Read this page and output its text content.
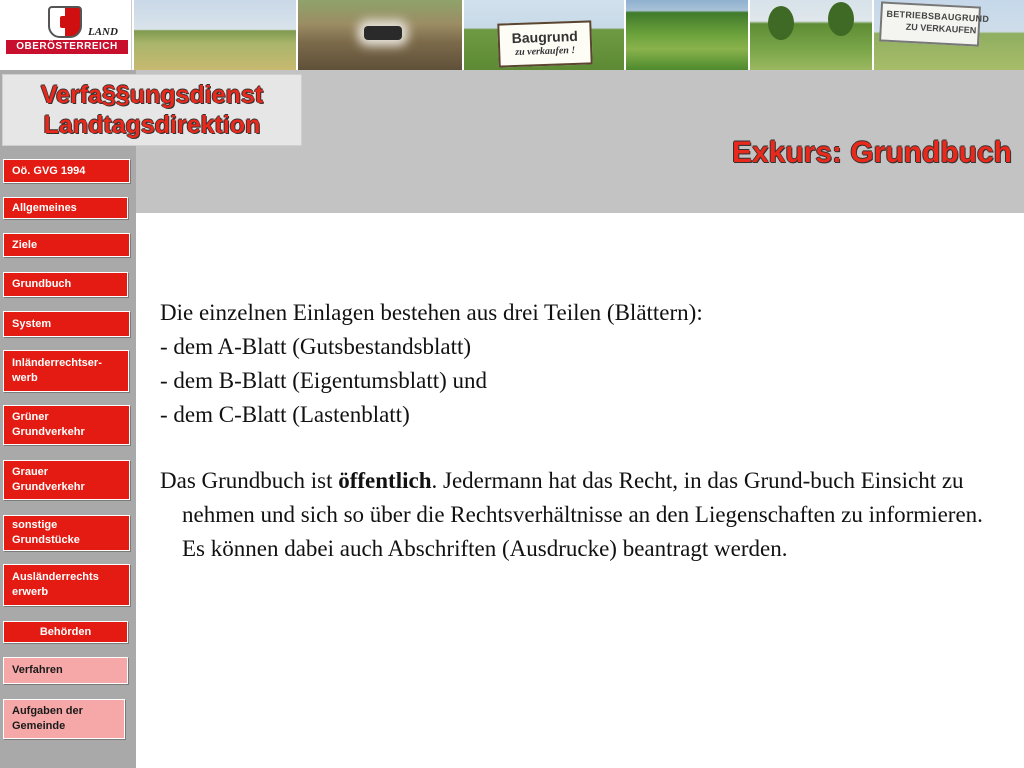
LAND
OBERÖSTERREICH
Baugrund
zu verkaufen !
BETRIEBSBAUGRUND
ZU VERKAUFEN
Verfa§§ungsdienst
Landtagsdirektion
Exkurs: Grundbuch
Oö. GVG 1994
Allgemeines
Ziele
Grundbuch
System
Inländerrechtser-
werb
Grüner
Grundverkehr
Grauer
Grundverkehr
sonstige
Grundstücke
Ausländerrechts
erwerb
Behörden
Verfahren
Aufgaben der
Gemeinde

Die einzelnen Einlagen bestehen aus drei Teilen (Blättern):

- dem A-Blatt (Gutsbestandsblatt)

- dem B-Blatt (Eigentumsblatt) und

- dem C-Blatt (Lastenblatt)

Das Grundbuch ist öffentlich. Jedermann hat das Recht, in das Grund-buch Einsicht zu nehmen und sich so über die Rechtsverhältnisse an den Liegenschaften zu informieren. Es können dabei auch Abschriften (Ausdrucke) beantragt werden.
